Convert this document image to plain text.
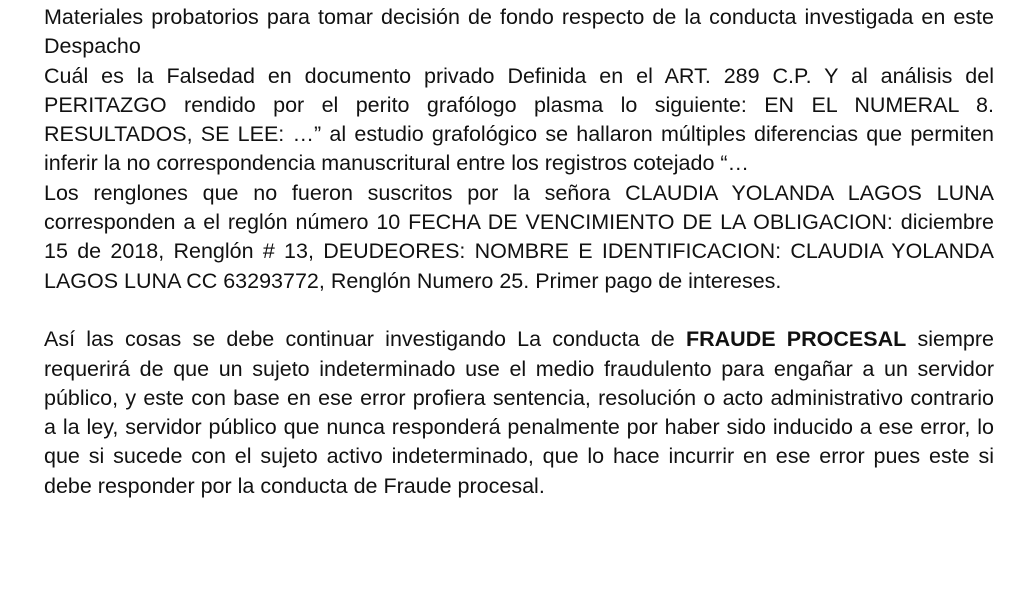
Materiales probatorios para tomar decisión de fondo respecto de la conducta investigada en este Despacho

Cuál es la Falsedad en documento privado Definida en el ART. 289 C.P. Y al análisis del PERITAZGO rendido por el perito grafólogo plasma lo siguiente: EN EL NUMERAL 8. RESULTADOS, SE LEE: …” al estudio grafológico se hallaron múltiples diferencias que permiten inferir la no correspondencia manuscritural entre los registros cotejado “…

Los renglones que no fueron suscritos por la señora CLAUDIA YOLANDA LAGOS LUNA corresponden a el reglón número 10 FECHA DE VENCIMIENTO DE LA OBLIGACION: diciembre 15 de 2018, Renglón # 13, DEUDEORES: NOMBRE E IDENTIFICACION: CLAUDIA YOLANDA LAGOS LUNA CC 63293772, Renglón Numero 25. Primer pago de intereses.

Así las cosas se debe continuar investigando La conducta de FRAUDE PROCESAL siempre requerirá de que un sujeto indeterminado use el medio fraudulento para engañar a un servidor público, y este con base en ese error profiera sentencia, resolución o acto administrativo contrario a la ley, servidor público que nunca responderá penalmente por haber sido inducido a ese error, lo que si sucede con el sujeto activo indeterminado, que lo hace incurrir en ese error pues este si debe responder por la conducta de Fraude procesal.
